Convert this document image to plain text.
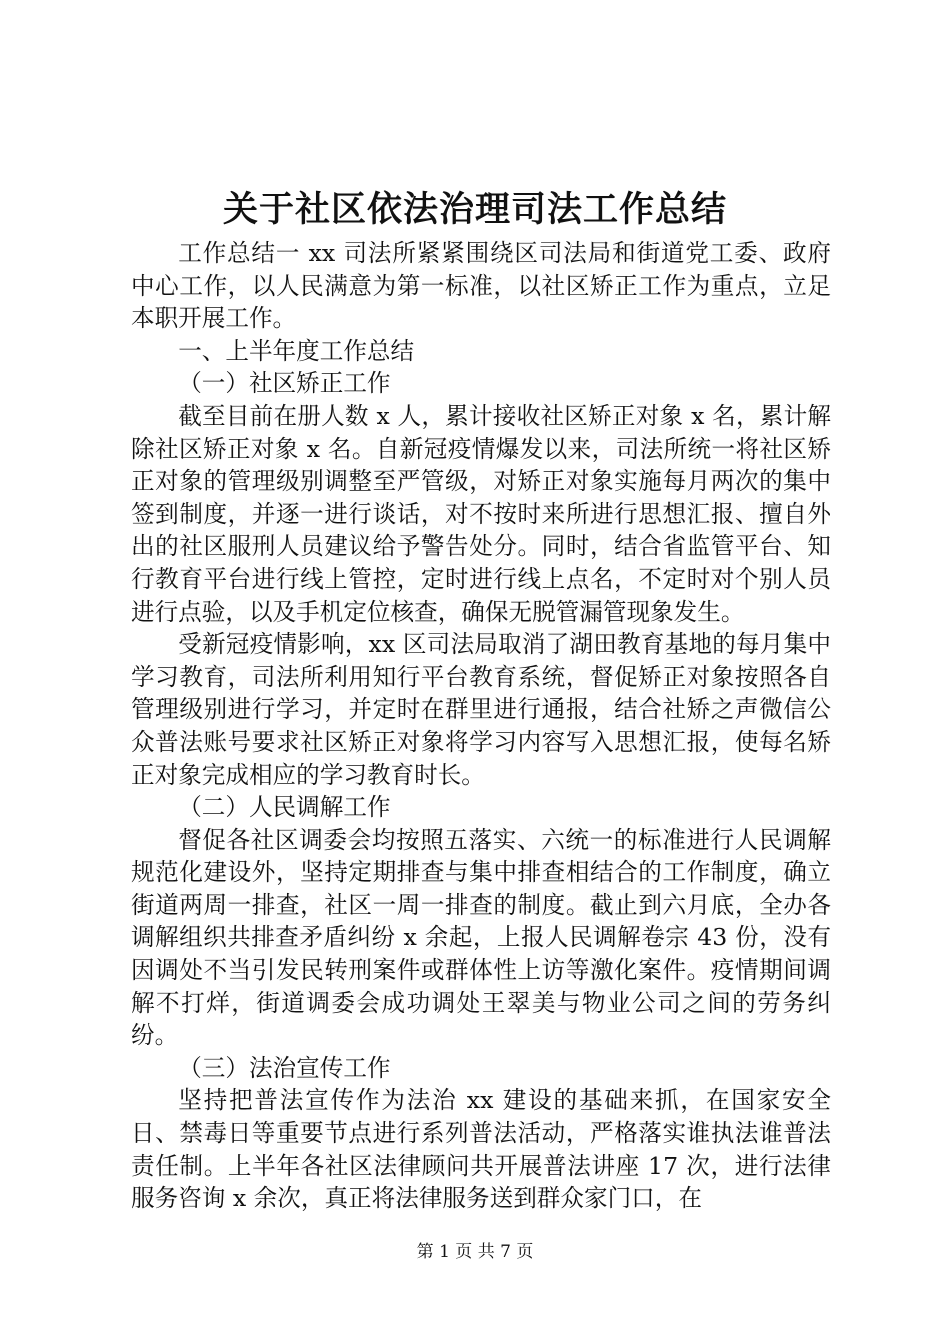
关于社区依法治理司法工作总结

工作总结一 xx 司法所紧紧围绕区司法局和街道党工委、政府中心工作，以人民满意为第一标准，以社区矫正工作为重点，立足本职开展工作。

一、上半年度工作总结

（一）社区矫正工作

截至目前在册人数 x 人，累计接收社区矫正对象 x 名，累计解除社区矫正对象 x 名。自新冠疫情爆发以来，司法所统一将社区矫正对象的管理级别调整至严管级，对矫正对象实施每月两次的集中签到制度，并逐一进行谈话，对不按时来所进行思想汇报、擅自外出的社区服刑人员建议给予警告处分。同时，结合省监管平台、知行教育平台进行线上管控，定时进行线上点名，不定时对个别人员进行点验，以及手机定位核查，确保无脱管漏管现象发生。

受新冠疫情影响，xx 区司法局取消了湖田教育基地的每月集中学习教育，司法所利用知行平台教育系统，督促矫正对象按照各自管理级别进行学习，并定时在群里进行通报，结合社矫之声微信公众普法账号要求社区矫正对象将学习内容写入思想汇报，使每名矫正对象完成相应的学习教育时长。

（二）人民调解工作

督促各社区调委会均按照五落实、六统一的标准进行人民调解规范化建设外，坚持定期排查与集中排查相结合的工作制度，确立街道两周一排查，社区一周一排查的制度。截止到六月底，全办各调解组织共排查矛盾纠纷 x 余起，上报人民调解卷宗 43 份，没有因调处不当引发民转刑案件或群体性上访等激化案件。疫情期间调解不打烊，街道调委会成功调处王翠美与物业公司之间的劳务纠纷。

（三）法治宣传工作

坚持把普法宣传作为法治 xx 建设的基础来抓，在国家安全日、禁毒日等重要节点进行系列普法活动，严格落实谁执法谁普法责任制。上半年各社区法律顾问共开展普法讲座 17 次，进行法律服务咨询 x 余次，真正将法律服务送到群众家门口，在

第 1 页 共 7 页
